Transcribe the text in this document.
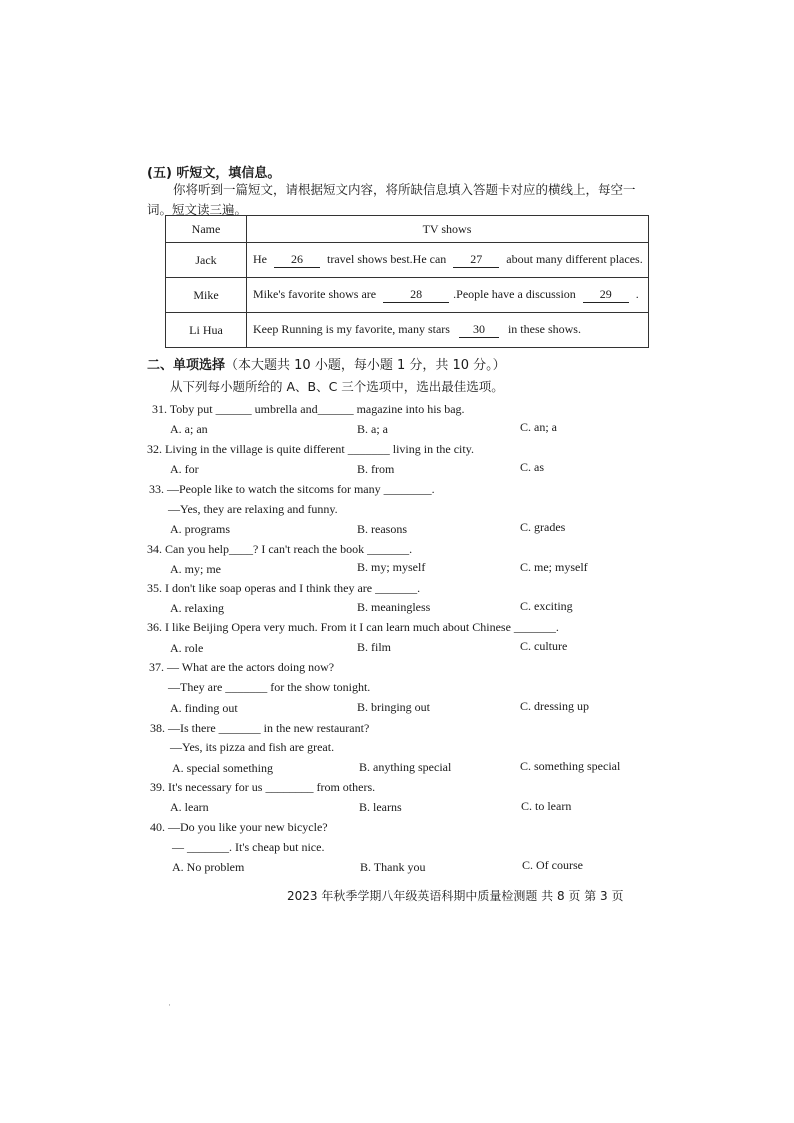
(五) 听短文，填信息。
你将听到一篇短文，请根据短文内容，将所缺信息填入答题卡对应的横线上，每空一词。短文读三遍。
Name	TV shows
Jack	He 26 travel shows best.He can 27 about many different places.
Mike	Mike's favorite shows are 28 .People have a discussion 29 .
Li Hua	Keep Running is my favorite, many stars 30 in these shows.
二、单项选择（本大题共 10 小题，每小题 1 分，共 10 分。）
从下列每小题所给的 A、B、C 三个选项中，选出最佳选项。
31. Toby put ______ umbrella and______ magazine into his bag.
A. a; an	B. a; a	C. an; a
32. Living in the village is quite different _______ living in the city.
A. for	B. from	C. as
33. —People like to watch the sitcoms for many ________.
—Yes, they are relaxing and funny.
A. programs	B. reasons	C. grades
34. Can you help____? I can't reach the book _______.
A. my; me	B. my; myself	C. me; myself
35. I don't like soap operas and I think they are _______.
A. relaxing	B. meaningless	C. exciting
36. I like Beijing Opera very much. From it I can learn much about Chinese _______.
A. role	B. film	C. culture
37. — What are the actors doing now?
—They are _______ for the show tonight.
A. finding out	B. bringing out	C. dressing up
38. —Is there _______ in the new restaurant?
—Yes, its pizza and fish are great.
A. special something	B. anything special	C. something special
39. It's necessary for us ________ from others.
A. learn	B. learns	C. to learn
40. —Do you like your new bicycle?
— _______. It's cheap but nice.
A. No problem	B. Thank you	C. Of course
2023 年秋季学期八年级英语科期中质量检测题 共 8 页 第 3 页
·
